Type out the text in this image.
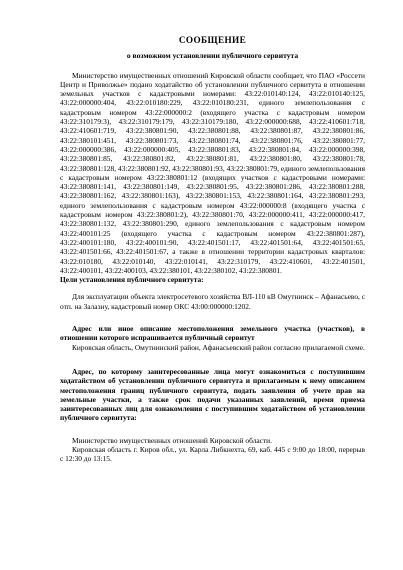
СООБЩЕНИЕ
о возможном установлении публичного сервитута

Министерство имущественных отношений Кировской области сообщает, что ПАО «Россети Центр и Приволжье» подано ходатайство об установлении публичного сервитута в отношении земельных участков с кадастровыми номерами: 43:22:010140:124, 43:22:010140:125, 43:22:000000:404, 43:22:010180:229, 43:22:010180:231, единого землепользования с кадастровым номером 43:22:000000:2 (входящего участка с кадастровым номером 43:22:310179:3), 43:22:310179:179, 43:22:310179:180, 43:22:000000:688, 43:22:410601:718, 43:22:410601:719, 43:22:380801:90, 43:22:380801:88, 43:22:380801:87, 43:22:380801:86, 43:22:380101:451, 43:22:380801:73, 43:22:380801:74, 43:22:380801:76, 43:22:380801:77, 43:22:000000:386, 43:22:000000:405, 43:22:380801:83, 43:22:380801:84, 43:22:000000:398, 43:22:380801:85, 43:22:380801:82, 43:22:380801:81, 43:22:380801:80, 43:22:380801:78, 43:22:380801:128, 43:22:380801:92, 43:22:380801:93, 43:22:380801:79, единого землепользования с кадастровым номером 43:22:380801:12 (входящих участков с кадастровыми номерами: 43:22:380801:141, 43:22:380801:149, 43:22:380801:95, 43:22:380801:286, 43:22:380801:288, 43:22:380801:162, 43:22:380801:163), 43:22:380801:153, 43:22:380801:164, 43:22:380801:293, единого землепользования с кадастровым номером 43:22:000000:8 (входящего участка с кадастровым номером 43:22:380801:2), 43:22:380801:70, 43:22:000000:411, 43:22:000000:417, 43:22:380801:132, 43:22:380801:290, единого землепользования с кадастровым номером 43:22:400101:25 (входящего участка с кадастровым номером 43:22:380801:287), 43:22:400101:180, 43:22:400101:90, 43:22:401501:17, 43:22:401501:64, 43:22:401501:65, 43:22:401501:66, 43:22:401501:67, а также в отношении территории кадастровых кварталов: 43:22:010180, 43:22:010140, 43:22:010141, 43:22:310179, 43:22:410601, 43:22:401501, 43:22:400101, 43:22:400103, 43:22:380101, 43:22:380102, 43:22:380801.

Цели установления публичного сервитута:

Для эксплуатации объекта электросетевого хозяйства ВЛ-110 кВ Омутнинск – Афанасьево, с отп. на Залазну, кадастровый номер ОКС 43:00:000000:1202.

Адрес или иное описание местоположения земельного участка (участков), в отношении которого испрашивается публичный сервитут

Кировская область, Омутнинский район, Афанасьевский район согласно прилагаемой схеме.

Адрес, по которому заинтересованные лица могут ознакомиться с поступившим ходатайством об установлении публичного сервитута и прилагаемым к нему описанием местоположения границ публичного сервитута, подать заявления об учете прав на земельные участки, а также срок подачи указанных заявлений, время приема заинтересованных лиц для ознакомления с поступившим ходатайством об установлении публичного сервитута:

Министерство имущественных отношений Кировской области.

Кировская область г. Киров обл., ул. Карла Либкнехта, 69, каб. 445 с 9:00 до 18:00, перерыв с 12:30 до 13:15.
